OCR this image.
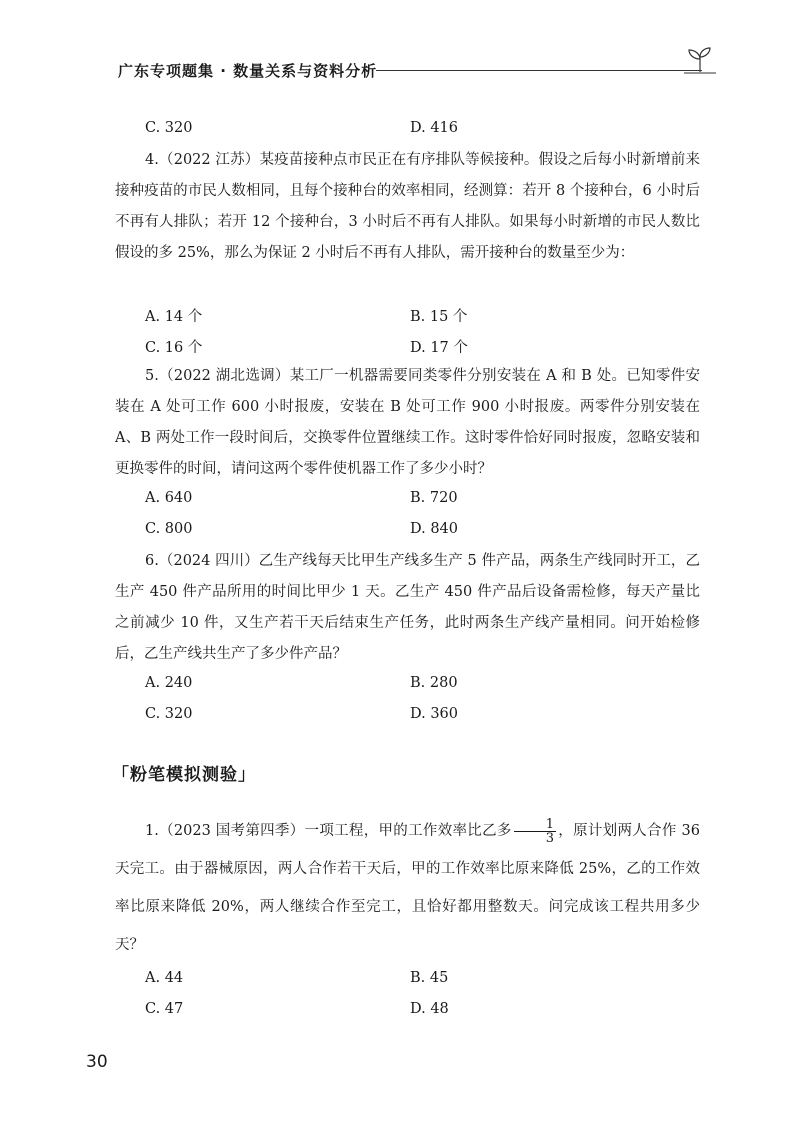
广东专项题集 · 数量关系与资料分析
C. 320	D. 416

4.（2022 江苏）某疫苗接种点市民正在有序排队等候接种。假设之后每小时新增前来接种疫苗的市民人数相同，且每个接种台的效率相同，经测算：若开 8 个接种台，6 小时后不再有人排队；若开 12 个接种台，3 小时后不再有人排队。如果每小时新增的市民人数比假设的多 25%，那么为保证 2 小时后不再有人排队，需开接种台的数量至少为：

A. 14 个	B. 15 个
C. 16 个	D. 17 个

5.（2022 湖北选调）某工厂一机器需要同类零件分别安装在 A 和 B 处。已知零件安装在 A 处可工作 600 小时报废，安装在 B 处可工作 900 小时报废。两零件分别安装在 A、B 两处工作一段时间后，交换零件位置继续工作。这时零件恰好同时报废，忽略安装和更换零件的时间，请问这两个零件使机器工作了多少小时？

A. 640	B. 720
C. 800	D. 840

6.（2024 四川）乙生产线每天比甲生产线多生产 5 件产品，两条生产线同时开工，乙生产 450 件产品所用的时间比甲少 1 天。乙生产 450 件产品后设备需检修，每天产量比之前减少 10 件，又生产若干天后结束生产任务，此时两条生产线产量相同。问开始检修后，乙生产线共生产了多少件产品？

A. 240	B. 280
C. 320	D. 360

1.（2023 国考第四季）一项工程，甲的工作效率比乙多 $\frac{1}{3}$ ，原计划两人合作 36 天完工。由于器械原因，两人合作若干天后，甲的工作效率比原来降低 25%，乙的工作效率比原来降低 20%，两人继续合作至完工，且恰好都用整数天。问完成该工程共用多少天？

A. 44	B. 45
C. 47	D. 48
「粉笔模拟测验」
30
